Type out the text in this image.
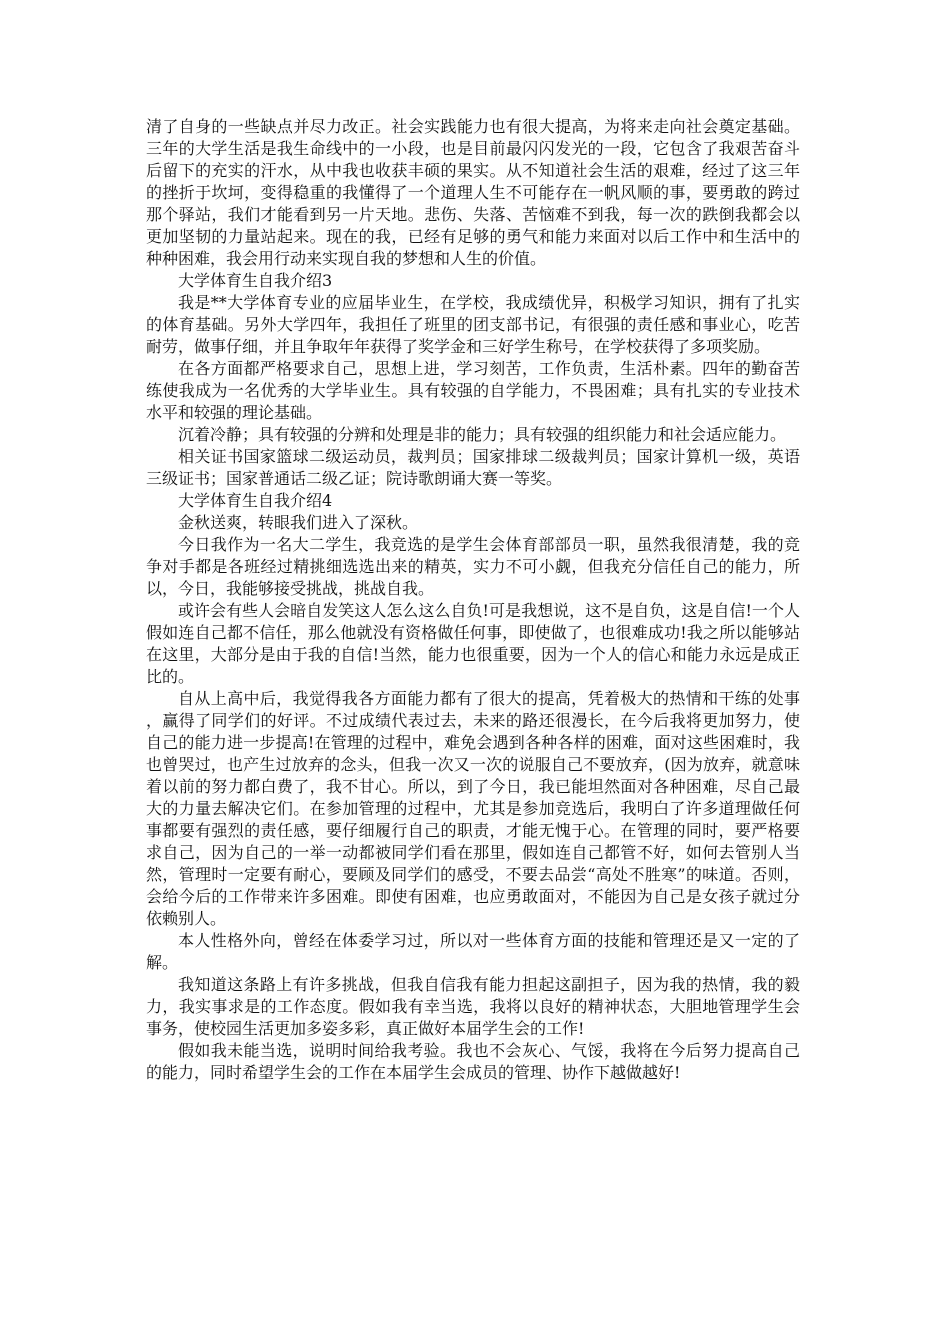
清了自身的一些缺点并尽力改正。社会实践能力也有很大提高，为将来走向社会奠定基础。 三年的大学生活是我生命线中的一小段，也是目前最闪闪发光的一段，它包含了我艰苦奋斗后留下的充实的汗水，从中我也收获丰硕的果实。从不知道社会生活的艰难，经过了这三年的挫折于坎坷，变得稳重的我懂得了一个道理人生不可能存在一帆风顺的事，要勇敢的跨过那个驿站，我们才能看到另一片天地。悲伤、失落、苦恼难不到我，每一次的跌倒我都会以更加坚韧的力量站起来。现在的我，已经有足够的勇气和能力来面对以后工作中和生活中的种种困难，我会用行动来实现自我的梦想和人生的价值。

大学体育生自我介绍3

我是**大学体育专业的应届毕业生，在学校，我成绩优异，积极学习知识，拥有了扎实的体育基础。另外大学四年，我担任了班里的团支部书记，有很强的责任感和事业心，吃苦耐劳，做事仔细，并且争取年年获得了奖学金和三好学生称号，在学校获得了多项奖励。

在各方面都严格要求自己，思想上进，学习刻苦，工作负责，生活朴素。四年的勤奋苦练使我成为一名优秀的大学毕业生。具有较强的自学能力，不畏困难；具有扎实的专业技术水平和较强的理论基础。

沉着冷静；具有较强的分辨和处理是非的能力；具有较强的组织能力和社会适应能力。

相关证书国家篮球二级运动员，裁判员；国家排球二级裁判员；国家计算机一级，英语三级证书；国家普通话二级乙证；院诗歌朗诵大赛一等奖。

大学体育生自我介绍4

金秋送爽，转眼我们进入了深秋。

今日我作为一名大二学生，我竞选的是学生会体育部部员一职，虽然我很清楚，我的竞争对手都是各班经过精挑细选选出来的精英，实力不可小觑，但我充分信任自己的能力，所以，今日，我能够接受挑战，挑战自我。

或许会有些人会暗自发笑这人怎么这么自负!可是我想说，这不是自负，这是自信!一个人假如连自己都不信任，那么他就没有资格做任何事，即使做了，也很难成功!我之所以能够站在这里，大部分是由于我的自信!当然，能力也很重要，因为一个人的信心和能力永远是成正比的。

自从上高中后，我觉得我各方面能力都有了很大的提高，凭着极大的热情和干练的处事，赢得了同学们的好评。不过成绩代表过去，未来的路还很漫长，在今后我将更加努力，使自己的能力进一步提高!在管理的过程中，难免会遇到各种各样的困难，面对这些困难时，我也曾哭过，也产生过放弃的念头，但我一次又一次的说服自己不要放弃，(因为放弃，就意味着以前的努力都白费了，我不甘心。所以，到了今日，我已能坦然面对各种困难，尽自己最大的力量去解决它们。在参加管理的过程中，尤其是参加竞选后，我明白了许多道理做任何事都要有强烈的责任感，要仔细履行自己的职责，才能无愧于心。在管理的同时，要严格要求自己，因为自己的一举一动都被同学们看在那里，假如连自己都管不好，如何去管别人当然，管理时一定要有耐心，要顾及同学们的感受，不要去品尝“高处不胜寒”的味道。否则，会给今后的工作带来许多困难。即使有困难，也应勇敢面对，不能因为自己是女孩子就过分依赖别人。

本人性格外向，曾经在体委学习过，所以对一些体育方面的技能和管理还是又一定的了解。

我知道这条路上有许多挑战，但我自信我有能力担起这副担子，因为我的热情，我的毅力，我实事求是的工作态度。假如我有幸当选，我将以良好的精神状态，大胆地管理学生会事务，使校园生活更加多姿多彩，真正做好本届学生会的工作!

假如我未能当选，说明时间给我考验。我也不会灰心、气馁，我将在今后努力提高自己的能力，同时希望学生会的工作在本届学生会成员的管理、协作下越做越好!
